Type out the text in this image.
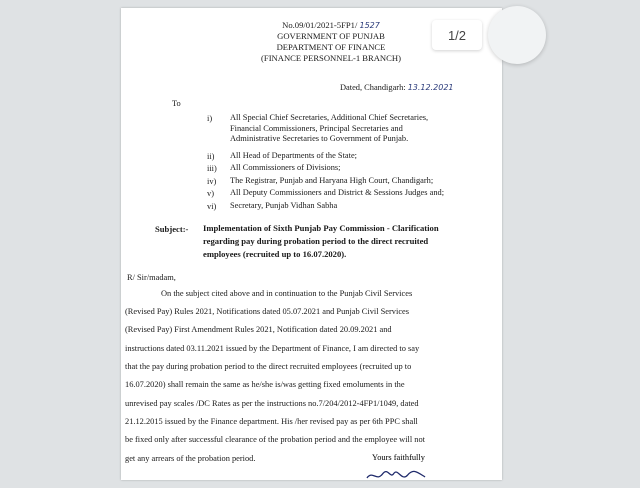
No.09/01/2021-5FP1/ 1527
GOVERNMENT OF PUNJAB
DEPARTMENT OF FINANCE
(FINANCE PERSONNEL-1 BRANCH)
Dated, Chandigarh: 13.12.2021
To
i) All Special Chief Secretaries, Additional Chief Secretaries,
Financial Commissioners, Principal Secretaries and
Administrative Secretaries to Government of Punjab.
ii) All Head of Departments of the State;
iii) All Commissioners of Divisions;
iv) The Registrar, Punjab and Haryana High Court, Chandigarh;
v) All Deputy Commissioners and District & Sessions Judges and;
vi) Secretary, Punjab Vidhan Sabha
Subject:- Implementation of Sixth Punjab Pay Commission - Clarification
regarding pay during probation period to the direct recruited
employees (recruited up to 16.07.2020).
R/ Sir/madam,
On the subject cited above and in continuation to the Punjab Civil Services
(Revised Pay) Rules 2021, Notifications dated 05.07.2021 and Punjab Civil Services
(Revised Pay) First Amendment Rules 2021, Notification dated 20.09.2021 and
instructions dated 03.11.2021 issued by the Department of Finance, I am directed to say
that the pay during probation period to the direct recruited employees (recruited up to
16.07.2020) shall remain the same as he/she is/was getting fixed emoluments in the
unrevised pay scales /DC Rates as per the instructions no.7/204/2012-4FP1/1049, dated
21.12.2015 issued by the Finance department. His /her revised pay as per 6th PPC shall
be fixed only after successful clearance of the probation period and the employee will not
get any arrears of the probation period.	Yours faithfully
1/2
